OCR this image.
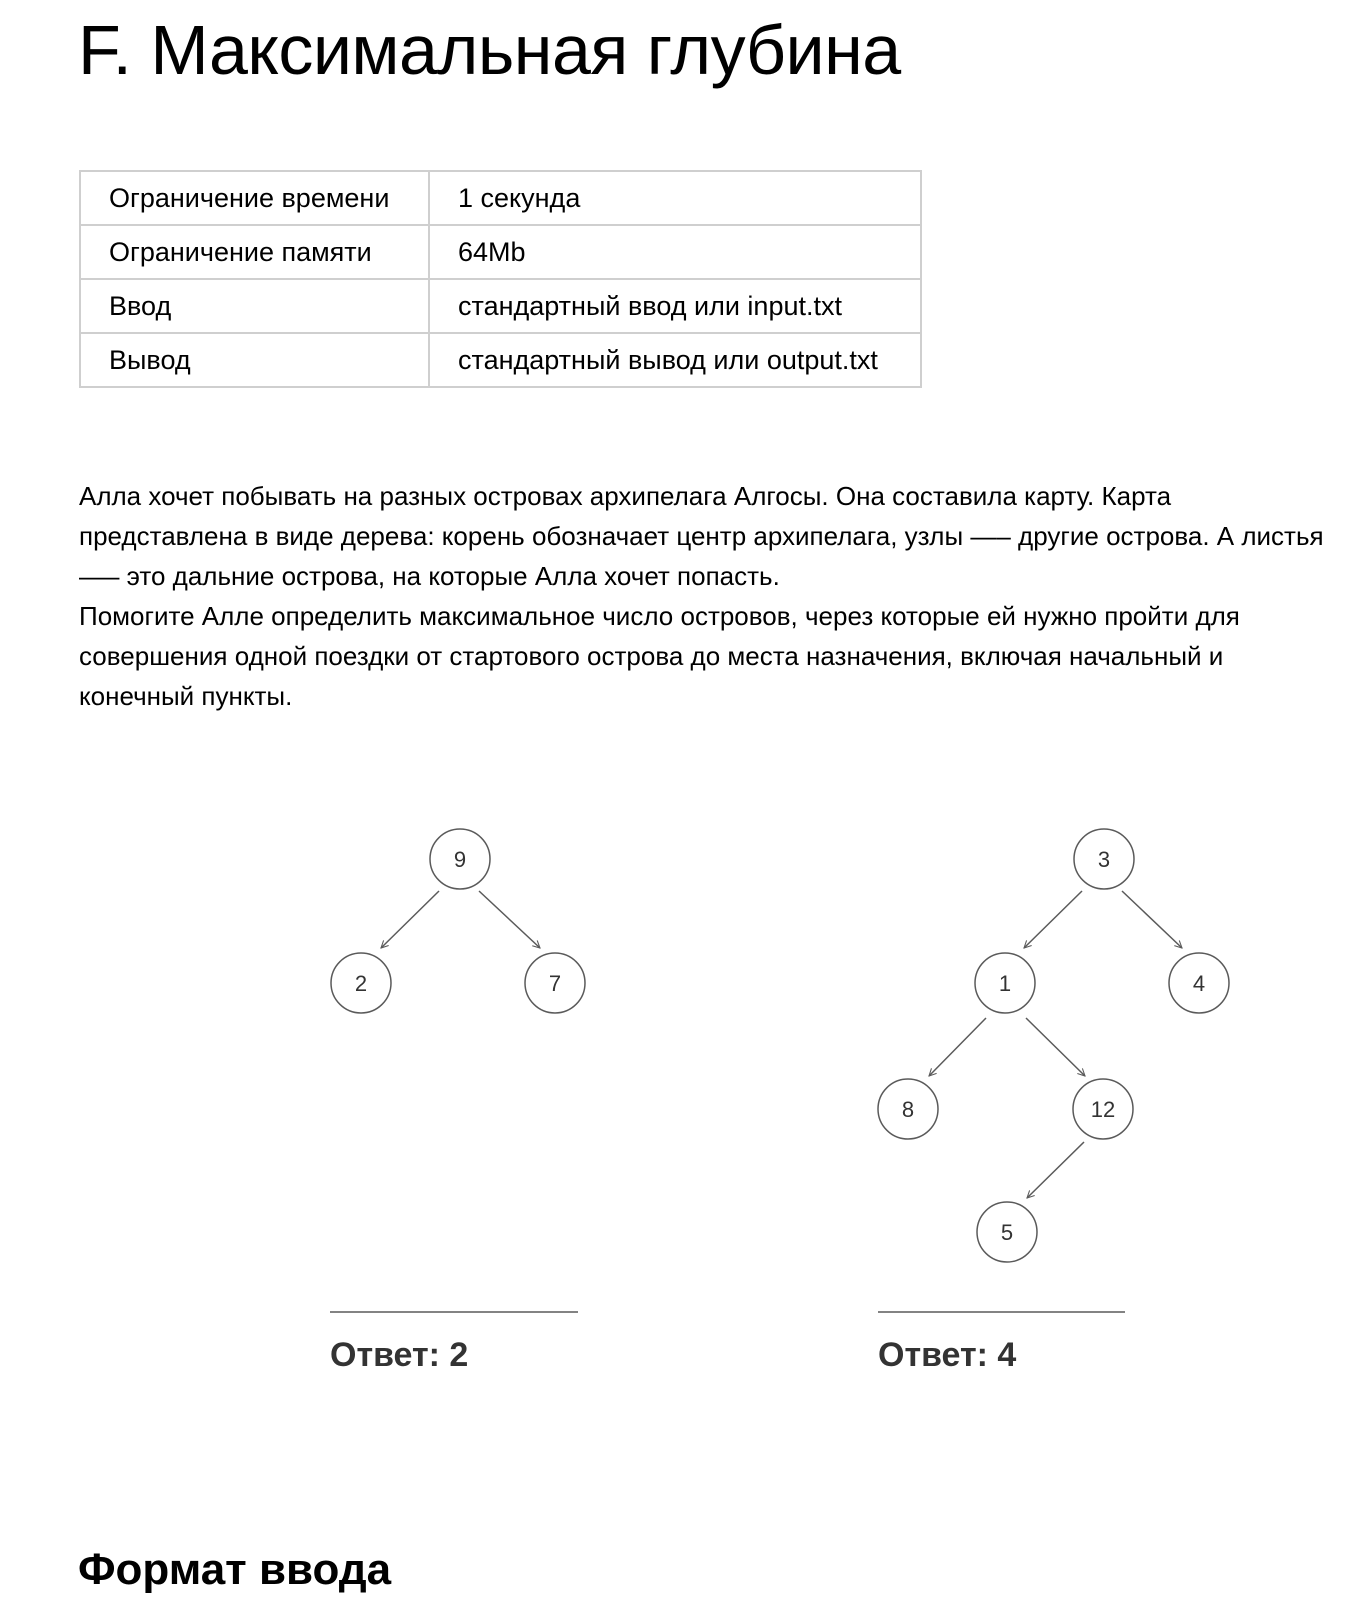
F. Максимальная глубина
Ограничение времени	1 секунда
Ограничение памяти	64Mb
Ввод	стандартный ввод или input.txt
Вывод	стандартный вывод или output.txt

Алла хочет побывать на разных островах архипелага Алгосы. Она составила карту. Карта представлена в виде дерева: корень обозначает центр архипелага, узлы —– другие острова. А листья —– это дальние острова, на которые Алла хочет попасть.

Помогите Алле определить максимальное число островов, через которые ей нужно пройти для совершения одной поездки от стартового острова до места назначения, включая начальный и конечный пункты.

9
2	7
Ответ: 2
3
1	4
8	12
5
Ответ: 4
Формат ввода
